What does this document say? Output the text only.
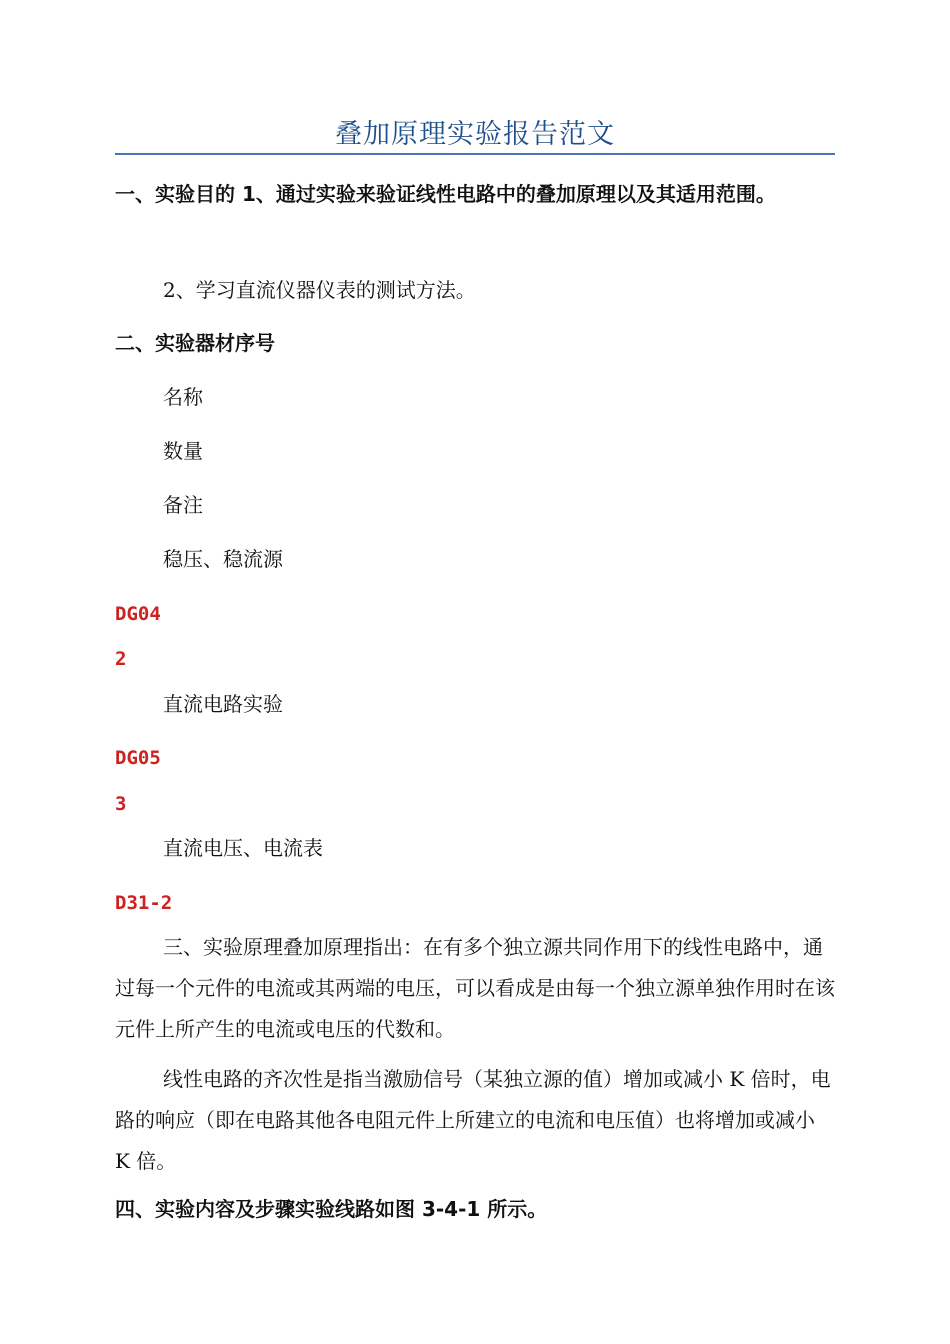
叠加原理实验报告范文

一、实验目的 1、通过实验来验证线性电路中的叠加原理以及其适用范围。

2、学习直流仪器仪表的测试方法。

二、实验器材序号

名称

数量

备注

稳压、稳流源

DG04

2

直流电路实验

DG05

3

直流电压、电流表

D31-2

三、实验原理叠加原理指出：在有多个独立源共同作用下的线性电路中，通过每一个元件的电流或其两端的电压，可以看成是由每一个独立源单独作用时在该元件上所产生的电流或电压的代数和。

线性电路的齐次性是指当激励信号（某独立源的值）增加或减小 K 倍时，电路的响应（即在电路其他各电阻元件上所建立的电流和电压值）也将增加或减小 K 倍。

四、实验内容及步骤实验线路如图 3-4-1 所示。
